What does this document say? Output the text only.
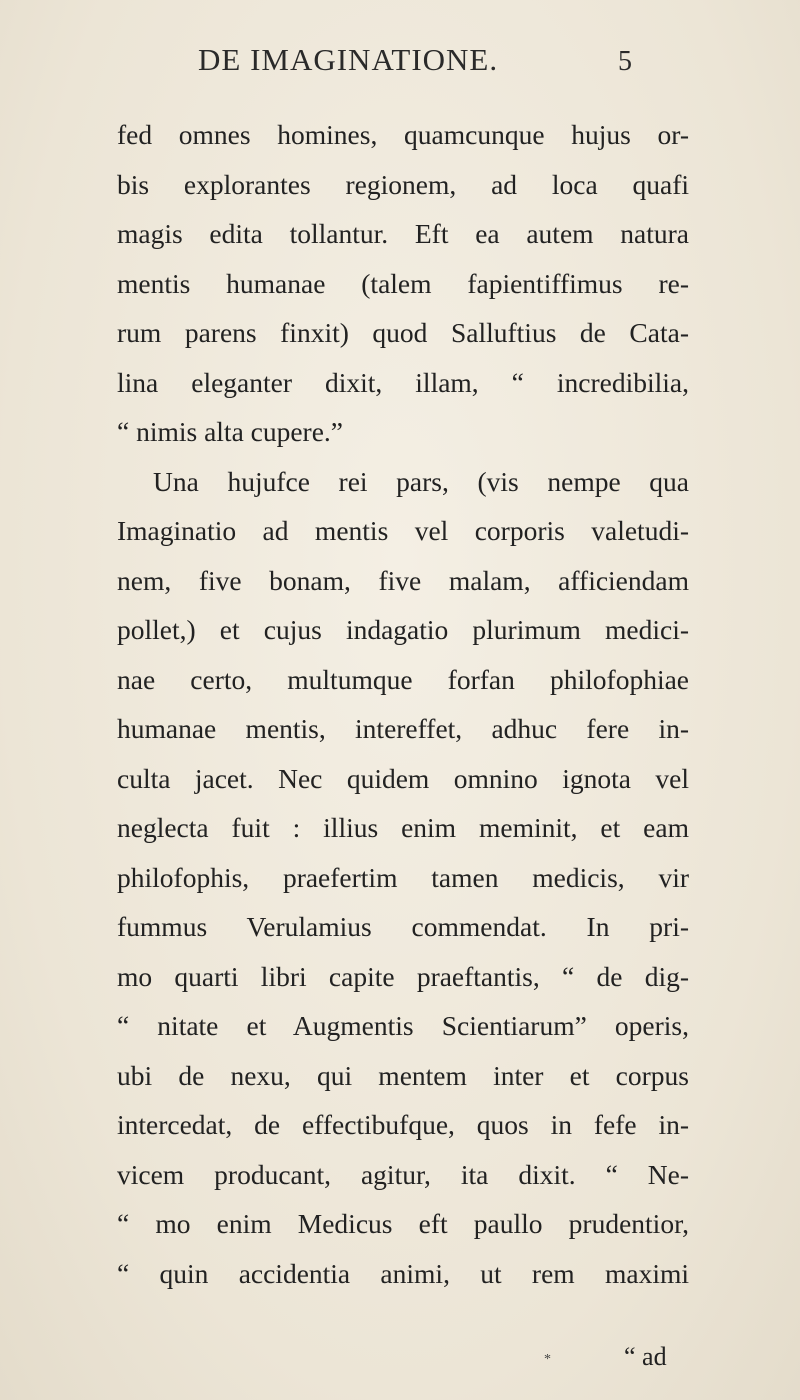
DE IMAGINATIONE.	5
fed omnes homines, quamcunque hujus or-
bis explorantes regionem, ad loca quafi
magis edita tollantur. Eft ea autem natura
mentis humanae (talem fapientiffimus re-
rum parens finxit) quod Salluftius de Cata-
lina eleganter dixit, illam, “ incredibilia,
“ nimis alta cupere.”
Una hujufce rei pars, (vis nempe qua
Imaginatio ad mentis vel corporis valetudi-
nem, five bonam, five malam, afficiendam
pollet,) et cujus indagatio plurimum medici-
nae certo, multumque forfan philofophiae
humanae mentis, intereffet, adhuc fere in-
culta jacet. Nec quidem omnino ignota vel
neglecta fuit : illius enim meminit, et eam
philofophis, praefertim tamen medicis, vir
fummus Verulamius commendat. In pri-
mo quarti libri capite praeftantis, “ de dig-
“ nitate et Augmentis Scientiarum” operis,
ubi de nexu, qui mentem inter et corpus
intercedat, de effectibufque, quos in fefe in-
vicem producant, agitur, ita dixit. “ Ne-
“ mo enim Medicus eft paullo prudentior,
“ quin accidentia animi, ut rem maximi
*	“ ad
